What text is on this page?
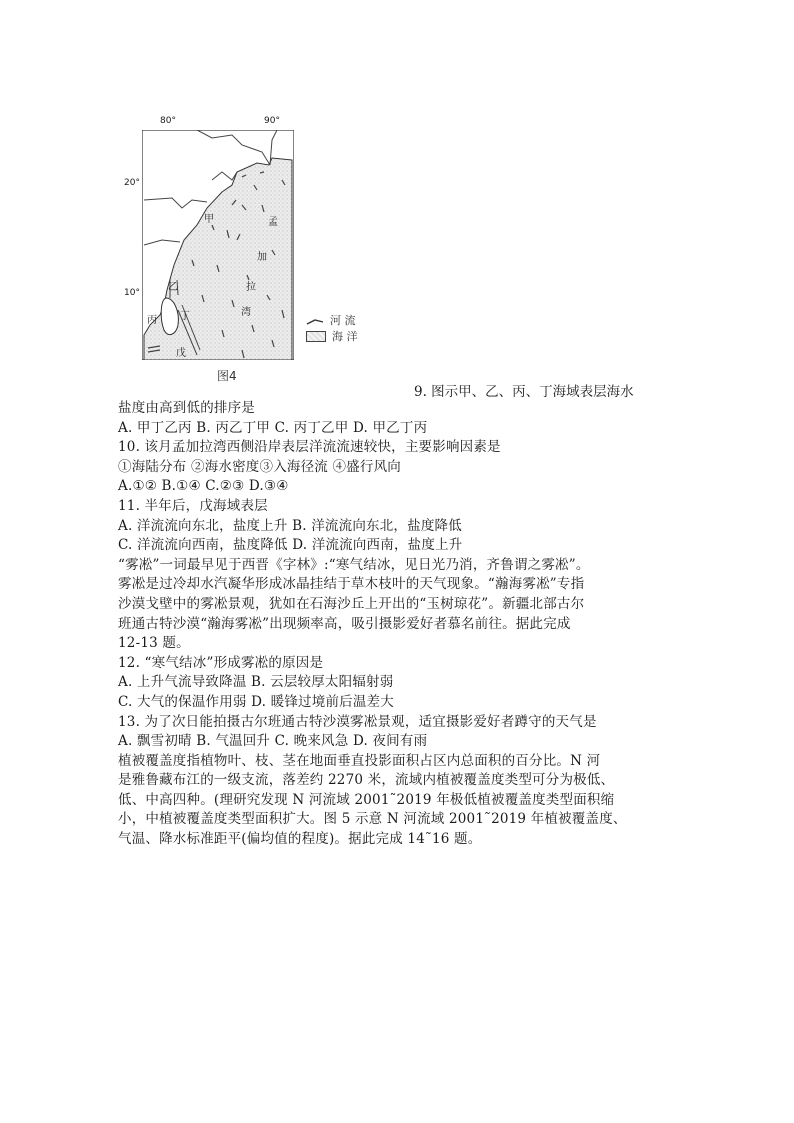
甲	孟
加
拉
湾
乙
丙 丁
戊
80°	90°
20°
10°
河 流
海 洋
图4
9. 图示甲、乙、丙、丁海域表层海水
盐度由高到低的排序是
A. 甲丁乙丙 B. 丙乙丁甲 C. 丙丁乙甲 D. 甲乙丁丙
10. 该月孟加拉湾西侧沿岸表层洋流流速较快，主要影响因素是
①海陆分布 ②海水密度③入海径流 ④盛行风向
A.①② B.①④ C.②③ D.③④
11. 半年后，戊海域表层
A. 洋流流向东北，盐度上升 B. 洋流流向东北，盐度降低
C. 洋流流向西南，盐度降低 D. 洋流流向西南，盐度上升
“雾凇”一词最早见于西晋《字林》:“寒气结冰，见日光乃消，齐鲁谓之雾凇”。
雾凇是过冷却水汽凝华形成冰晶挂结于草木枝叶的天气现象。“瀚海雾凇”专指
沙漠戈壁中的雾凇景观，犹如在石海沙丘上开出的“玉树琼花”。新疆北部古尔
班通古特沙漠“瀚海雾凇”出现频率高，吸引摄影爱好者慕名前往。据此完成
12-13 题。
12. “寒气结冰”形成雾凇的原因是
A. 上升气流导致降温 B. 云层较厚太阳辐射弱
C. 大气的保温作用弱 D. 暖锋过境前后温差大
13. 为了次日能拍摄古尔班通古特沙漠雾凇景观，适宜摄影爱好者蹲守的天气是
A. 飘雪初晴 B. 气温回升 C. 晚来风急 D. 夜间有雨
植被覆盖度指植物叶、枝、茎在地面垂直投影面积占区内总面积的百分比。N 河
是雅鲁藏布江的一级支流，落差约 2270 米，流域内植被覆盖度类型可分为极低、
低、中高四种。(理研究发现 N 河流域 2001˜2019 年极低植被覆盖度类型面积缩
小，中植被覆盖度类型面积扩大。图 5 示意 N 河流域 2001˜2019 年植被覆盖度、
气温、降水标准距平(偏均值的程度)。据此完成 14˜16 题。
